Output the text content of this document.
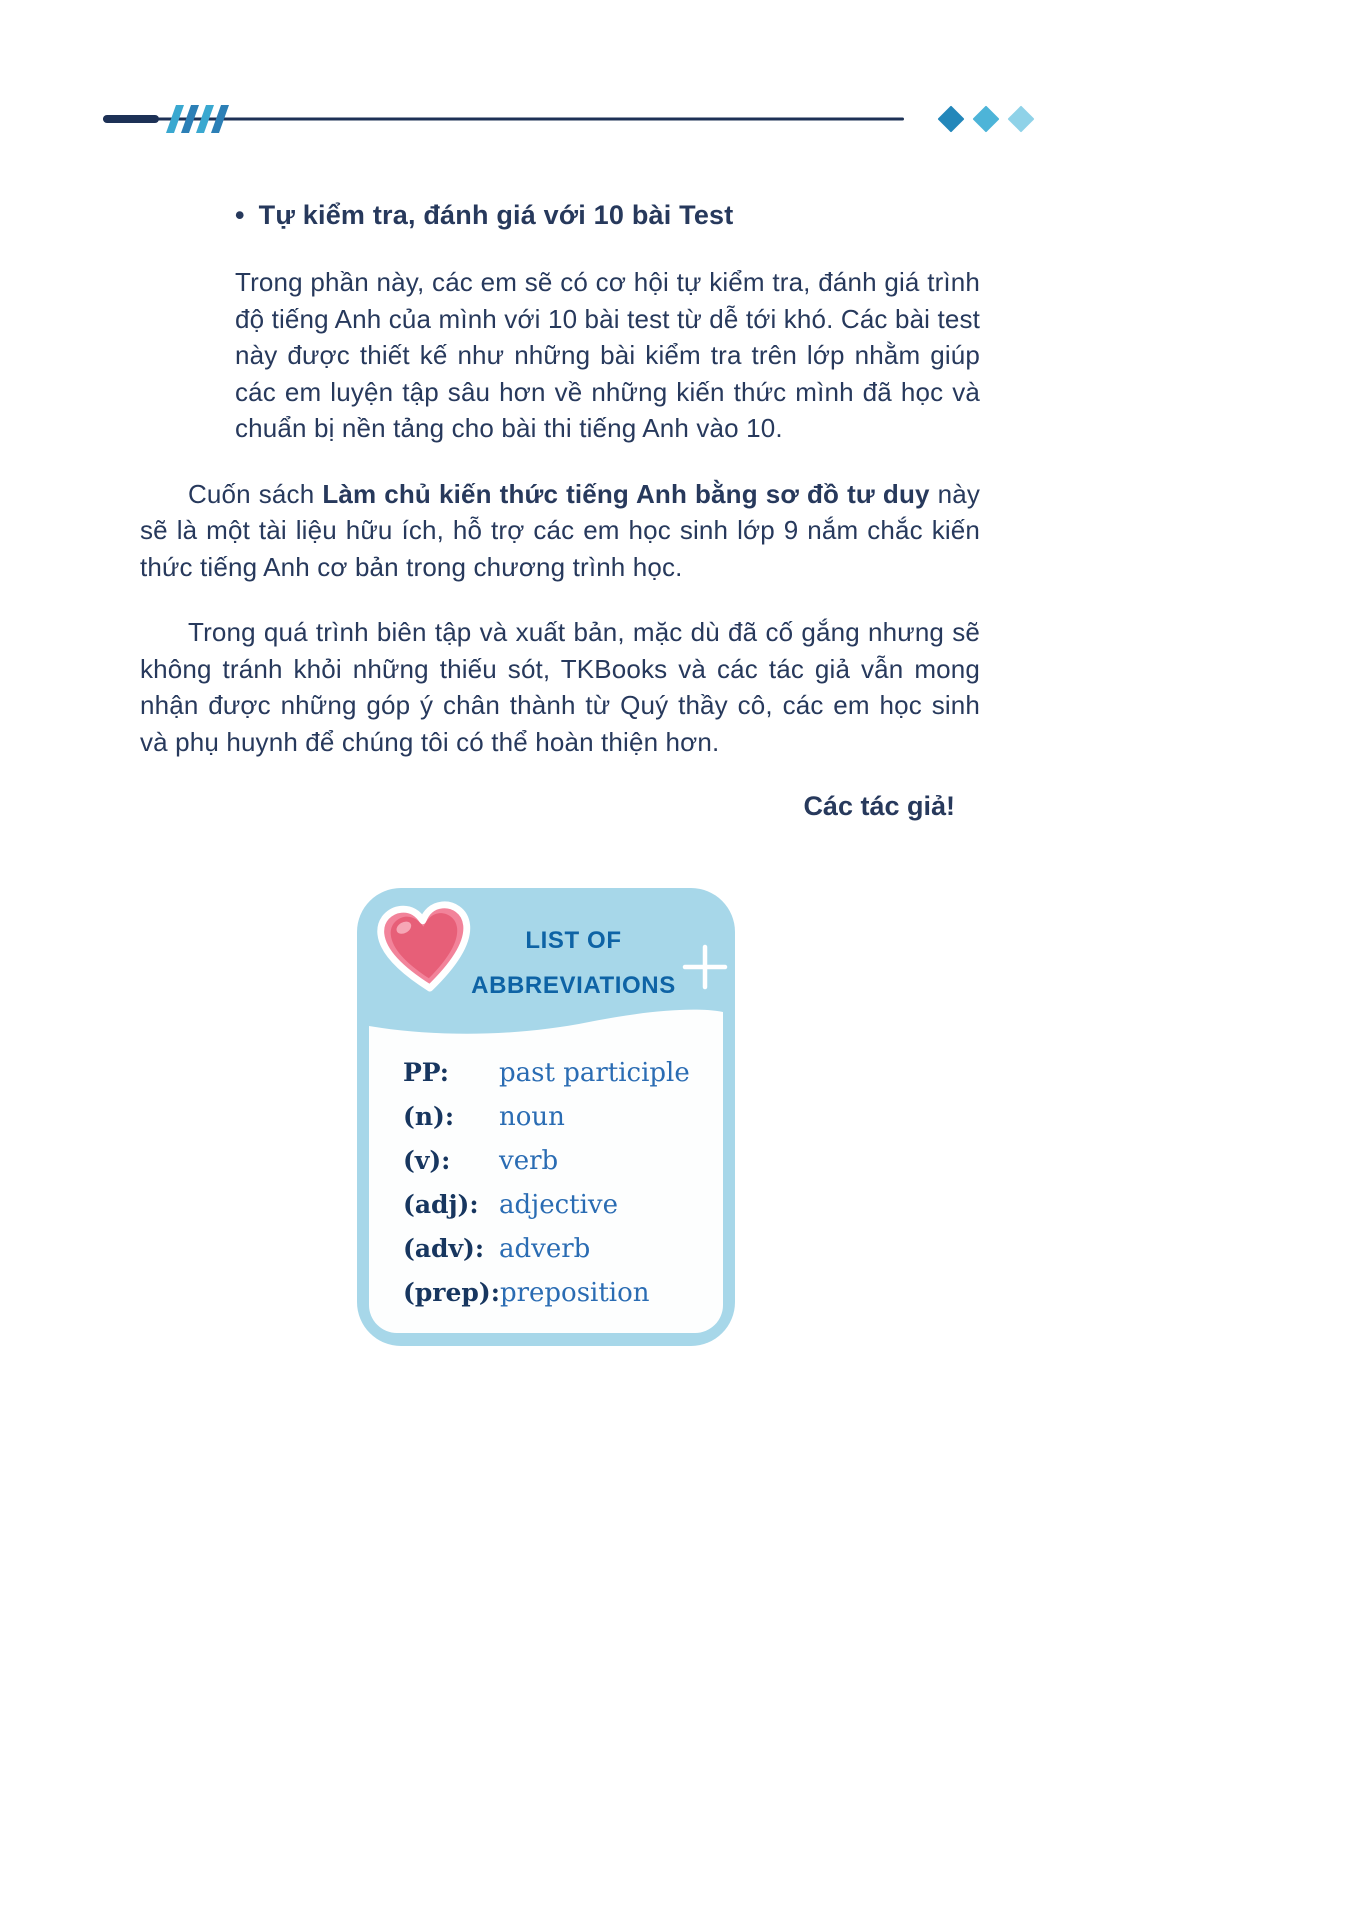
• Tự kiểm tra, đánh giá với 10 bài Test

Trong phần này, các em sẽ có cơ hội tự kiểm tra, đánh giá trình độ tiếng Anh của mình với 10 bài test từ dễ tới khó. Các bài test này được thiết kế như những bài kiểm tra trên lớp nhằm giúp các em luyện tập sâu hơn về những kiến thức mình đã học và chuẩn bị nền tảng cho bài thi tiếng Anh vào 10.

Cuốn sách Làm chủ kiến thức tiếng Anh bằng sơ đồ tư duy này sẽ là một tài liệu hữu ích, hỗ trợ các em học sinh lớp 9 nắm chắc kiến thức tiếng Anh cơ bản trong chương trình học.

Trong quá trình biên tập và xuất bản, mặc dù đã cố gắng nhưng sẽ không tránh khỏi những thiếu sót, TKBooks và các tác giả vẫn mong nhận được những góp ý chân thành từ Quý thầy cô, các em học sinh và phụ huynh để chúng tôi có thể hoàn thiện hơn.

Các tác giả!

LIST OF
ABBREVIATIONS
PP:	past participle
(n):	noun
(v):	verb
(adj): adjective
(adv): adverb
(prep): preposition
